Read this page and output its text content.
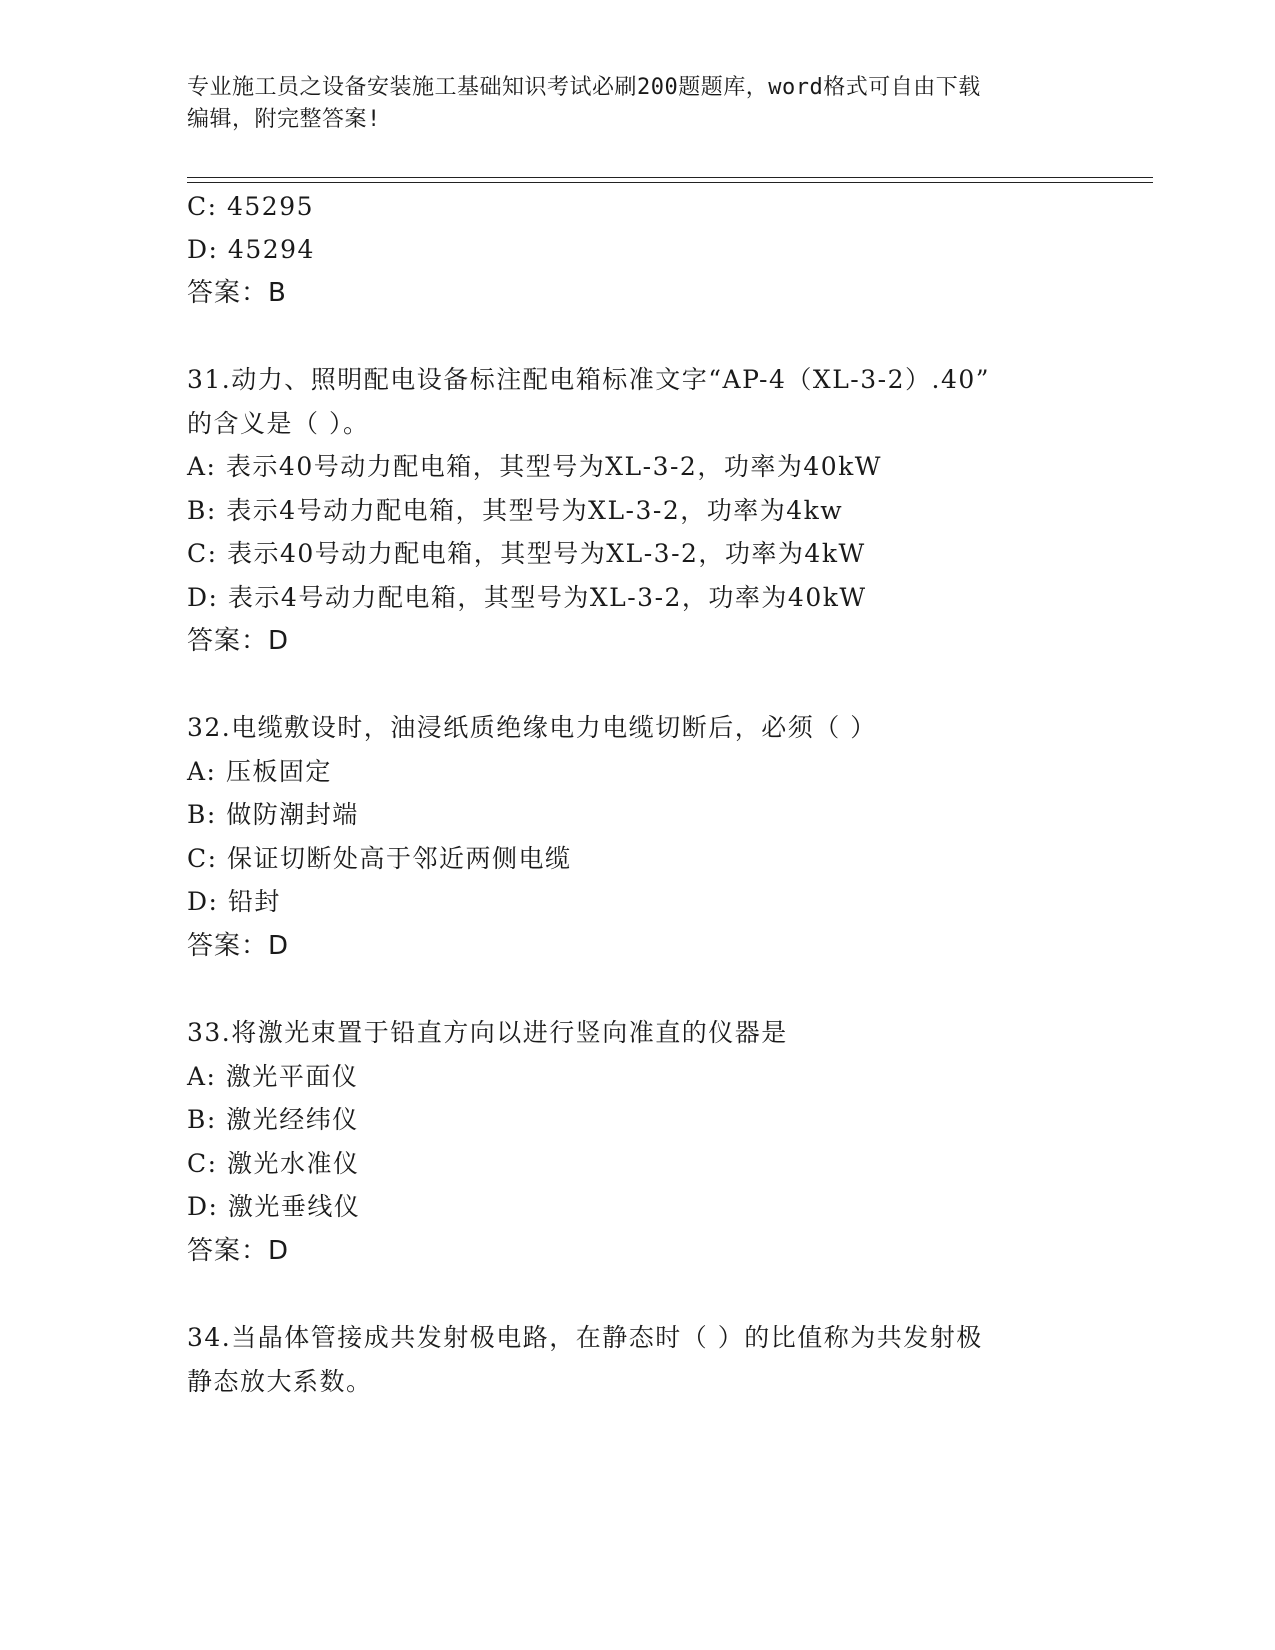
专业施工员之设备安装施工基础知识考试必刷200题题库，word格式可自由下载
编辑，附完整答案!
C: 45295
D: 45294
答案：B
31.动力、照明配电设备标注配电箱标准文字“AP-4（XL-3-2）.40”
的含义是（ ）。
A: 表示40号动力配电箱，其型号为XL-3-2，功率为40kW
B: 表示4号动力配电箱，其型号为XL-3-2，功率为4kw
C: 表示40号动力配电箱，其型号为XL-3-2，功率为4kW
D: 表示4号动力配电箱，其型号为XL-3-2，功率为40kW
答案：D
32.电缆敷设时，油浸纸质绝缘电力电缆切断后，必须（ ）
A: 压板固定
B: 做防潮封端
C: 保证切断处高于邻近两侧电缆
D: 铅封
答案：D
33.将激光束置于铅直方向以进行竖向准直的仪器是
A: 激光平面仪
B: 激光经纬仪
C: 激光水准仪
D: 激光垂线仪
答案：D
34.当晶体管接成共发射极电路，在静态时（ ）的比值称为共发射极
静态放大系数。
